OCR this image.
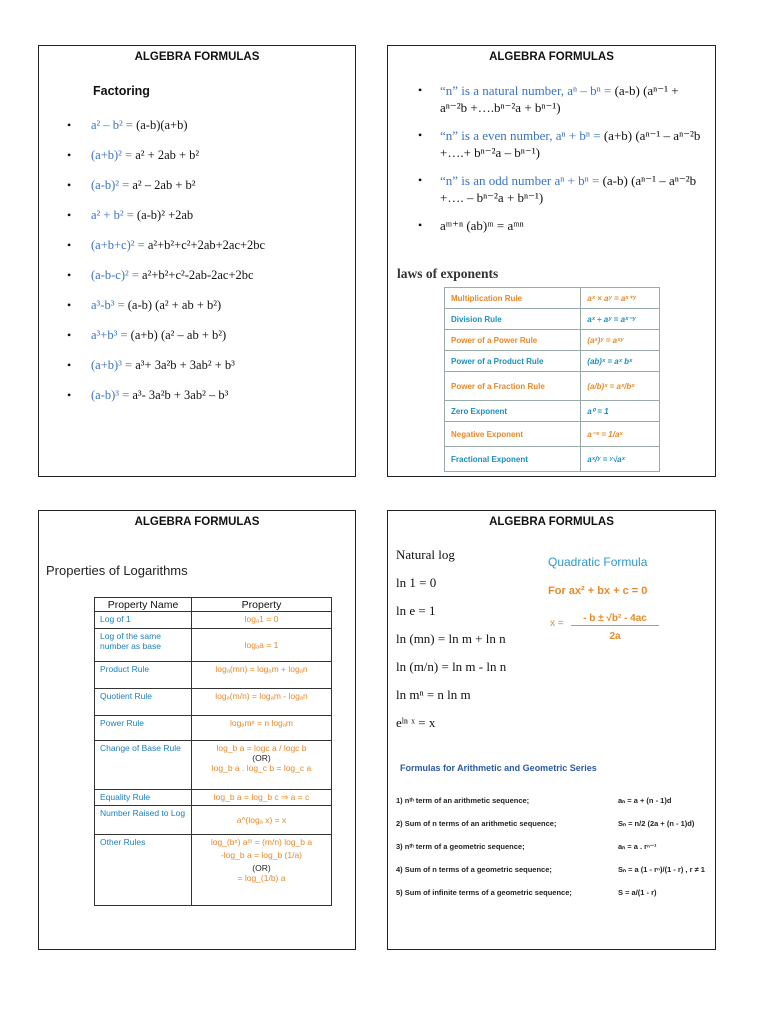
ALGEBRA FORMULAS
Factoring
• a² – b² = (a-b)(a+b)
• (a+b)² = a² + 2ab + b²
• (a-b)² = a² – 2ab + b²
• a² + b² = (a-b)² +2ab
• (a+b+c)² = a²+b²+c²+2ab+2ac+2bc
• (a-b-c)² = a²+b²+c²-2ab-2ac+2bc
• a³-b³ = (a-b) (a² + ab + b²)
• a³+b³ = (a+b) (a² – ab + b²)
• (a+b)³ = a³+ 3a²b + 3ab² + b³
• (a-b)³ = a³- 3a²b + 3ab² – b³
ALGEBRA FORMULAS
• “n” is a natural number, aⁿ – bⁿ = (a-b) (aⁿ⁻¹ + aⁿ⁻²b +….bⁿ⁻²a + bⁿ⁻¹)
• “n” is a even number, aⁿ + bⁿ = (a+b) (aⁿ⁻¹ – aⁿ⁻²b +….+ bⁿ⁻²a – bⁿ⁻¹)
• “n” is an odd number aⁿ + bⁿ = (a-b) (aⁿ⁻¹ – aⁿ⁻²b +…. – bⁿ⁻²a + bⁿ⁻¹)
• aᵐ⁺ⁿ (ab)ᵐ = aᵐⁿ
laws of exponents
Multiplication Rule	aˣ × aʸ = aˣ⁺ʸ
Division Rule	aˣ ÷ aʸ = aˣ⁻ʸ
Power of a Power Rule	(aˣ)ʸ = aˣʸ
Power of a Product Rule	(ab)ˣ = aˣ bˣ
Power of a Fraction Rule	(a/b)ˣ = aˣ/bˣ
Zero Exponent	a⁰ = 1
Negative Exponent	a⁻ˣ = 1/aˣ
Fractional Exponent	aˣ/ʸ = ʸ√aˣ
ALGEBRA FORMULAS
Properties of Logarithms
Property Name	Property
Log of 1	logₐ1 = 0
Log of the same number as base	logₐa = 1
Product Rule	logₐ(mn) = logₐm + logₐn
Quotient Rule	logₐ(m/n) = logₐm - logₐn
Power Rule	logₐmⁿ = n logₐm
Change of Base Rule	log_b a = logc a / logc b
(OR)
log_b a . log_c b = log_c a

Equality Rule	log_b a = log_b c ⇒ a = c
Number Raised to Log	a^(logₐ x) = x
Other Rules	log_(bⁿ) aᵐ = (m/n) log_b a
-log_b a = log_b (1/a)
(OR)
= log_(1/b) a
ALGEBRA FORMULAS
Natural log
ln 1 = 0
ln e = 1
ln (mn) = ln m + ln n
ln (m/n) = ln m - ln n
ln mⁿ = n ln m
eˡⁿ ˣ = x
Quadratic Formula
For ax² + bx + c = 0
x =	- b ± √b² - 4ac
2a
Formulas for Arithmetic and Geometric Series
1) nᵗʰ term of an arithmetic sequence;	aₙ = a + (n - 1)d
2) Sum of n terms of an arithmetic sequence;	Sₙ = n/2 (2a + (n - 1)d)
3) nᵗʰ term of a geometric sequence;	aₙ = a . rⁿ⁻¹
4) Sum of n terms of a geometric sequence;	Sₙ = a (1 - rⁿ)/(1 - r) , r ≠ 1
5) Sum of infinite terms of a geometric sequence;	S = a/(1 - r)
